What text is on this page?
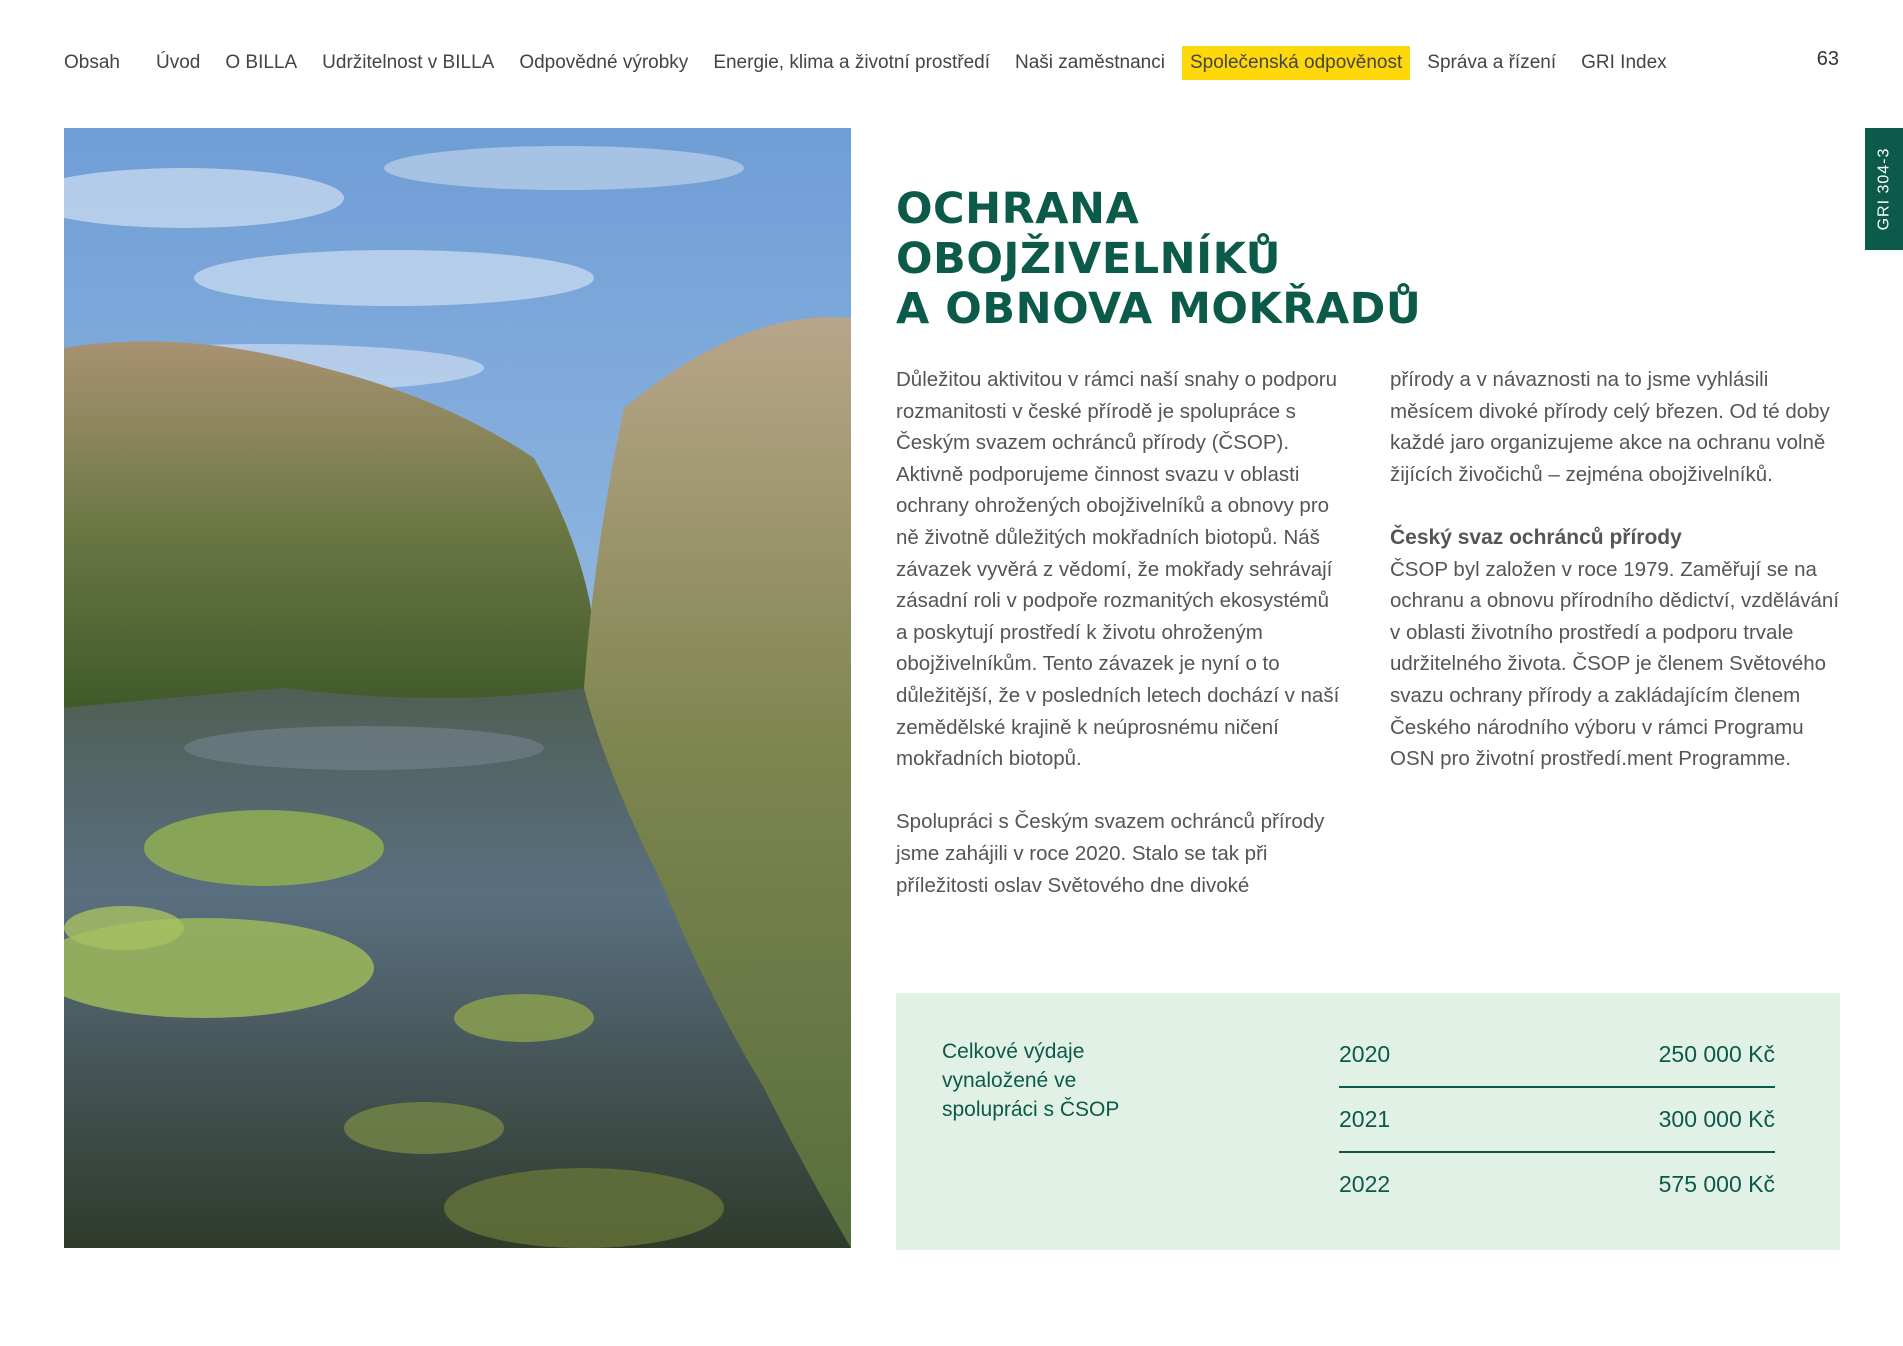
Obsah	Úvod	O BILLA	Udržitelnost v BILLA	Odpovědné výrobky	Energie, klima a životní prostředí	Naši zaměstnanci	Společenská odpověnost	Správa a řízení	GRI Index	63
GRI 304-3
OCHRANA
OBOJŽIVELNÍKŮ
A OBNOVA MOKŘADŮ

Důležitou aktivitou v rámci naší snahy o podporu rozmanitosti v české přírodě je spolupráce s Českým svazem ochránců přírody (ČSOP). Aktivně podporujeme činnost svazu v oblasti ochrany ohrožených obojživelníků a obnovy pro ně životně důležitých mokřadních biotopů. Náš závazek vyvěrá z vědomí, že mokřady sehrávají zásadní roli v podpoře rozmanitých ekosystémů a poskytují prostředí k životu ohroženým obojživelníkům. Tento závazek je nyní o to důležitější, že v posledních letech dochází v naší zemědělské krajině k neúprosnému ničení mokřadních biotopů.

Spolupráci s Českým svazem ochránců přírody jsme zahájili v roce 2020. Stalo se tak při příležitosti oslav Světového dne divoké

přírody a v návaznosti na to jsme vyhlásili měsícem divoké přírody celý březen. Od té doby každé jaro organizujeme akce na ochranu volně žijících živočichů – zejména obojživelníků.

Český svaz ochránců přírody

ČSOP byl založen v roce 1979. Zaměřují se na ochranu a obnovu přírodního dědictví, vzdělávání v oblasti životního prostředí a podporu trvale udržitelného života. ČSOP je členem Světového svazu ochrany přírody a zakládajícím členem Českého národního výboru v rámci Programu OSN pro životní prostředí.ment Programme.

Celkové výdaje vynaložené ve spolupráci s ČSOP
2020	250 000 Kč
2021	300 000 Kč
2022	575 000 Kč
